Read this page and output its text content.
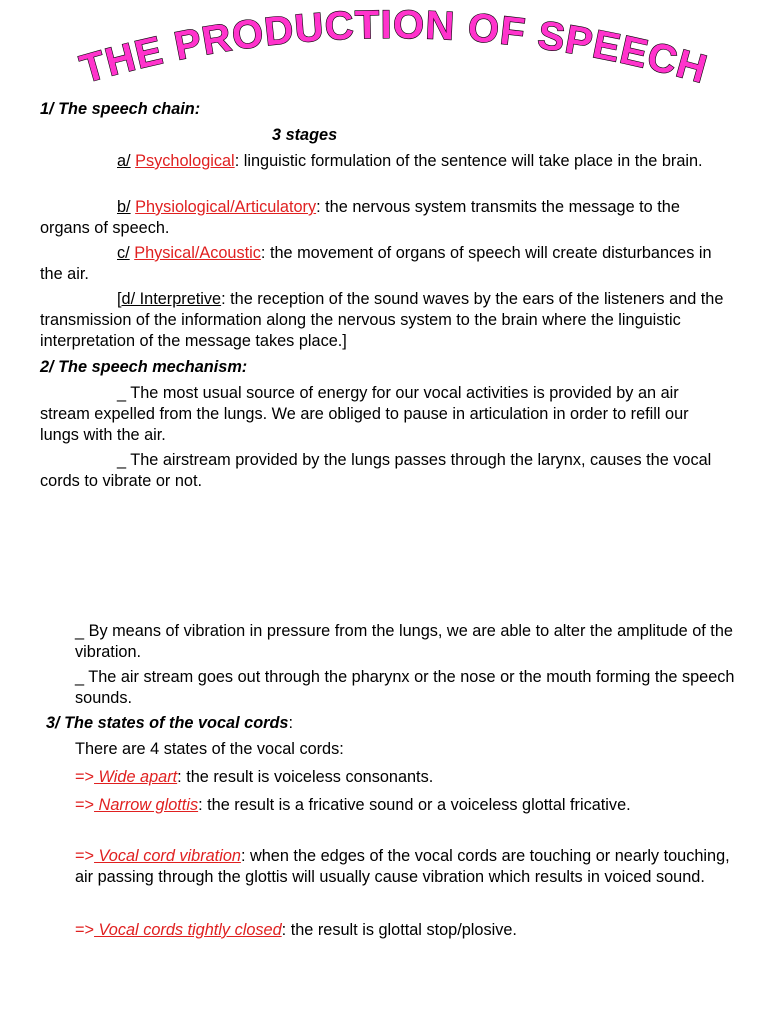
THE PRODUCTION OF SPEECH
1/ The speech chain:
3 stages
a/ Psychological: linguistic formulation of the sentence will take place in the brain.
b/ Physiological/Articulatory: the nervous system transmits the message to the organs of speech.
c/ Physical/Acoustic: the movement of organs of speech will create disturbances in the air.
[d/ Interpretive: the reception of the sound waves by the ears of the listeners and the transmission of the information along the nervous system to the brain where the linguistic interpretation of the message takes place.]
2/ The speech mechanism:
_ The most usual source of energy for our vocal activities is provided by an air stream expelled from the lungs. We are obliged to pause in articulation in order to refill our lungs with the air.
_ The airstream provided by the lungs passes through the larynx, causes the vocal cords to vibrate or not.
_ By means of vibration in pressure from the lungs, we are able to alter the amplitude of the vibration.
_ The air stream goes out through the pharynx or the nose or the mouth forming the speech sounds.
3/ The states of the vocal cords:
There are 4 states of the vocal cords:
=> Wide apart: the result is voiceless consonants.
=> Narrow glottis: the result is a fricative sound or a voiceless glottal fricative.
=> Vocal cord vibration: when the edges of the vocal cords are touching or nearly touching, air passing through the glottis will usually cause vibration which results in voiced sound.
=> Vocal cords tightly closed: the result is glottal stop/plosive.
